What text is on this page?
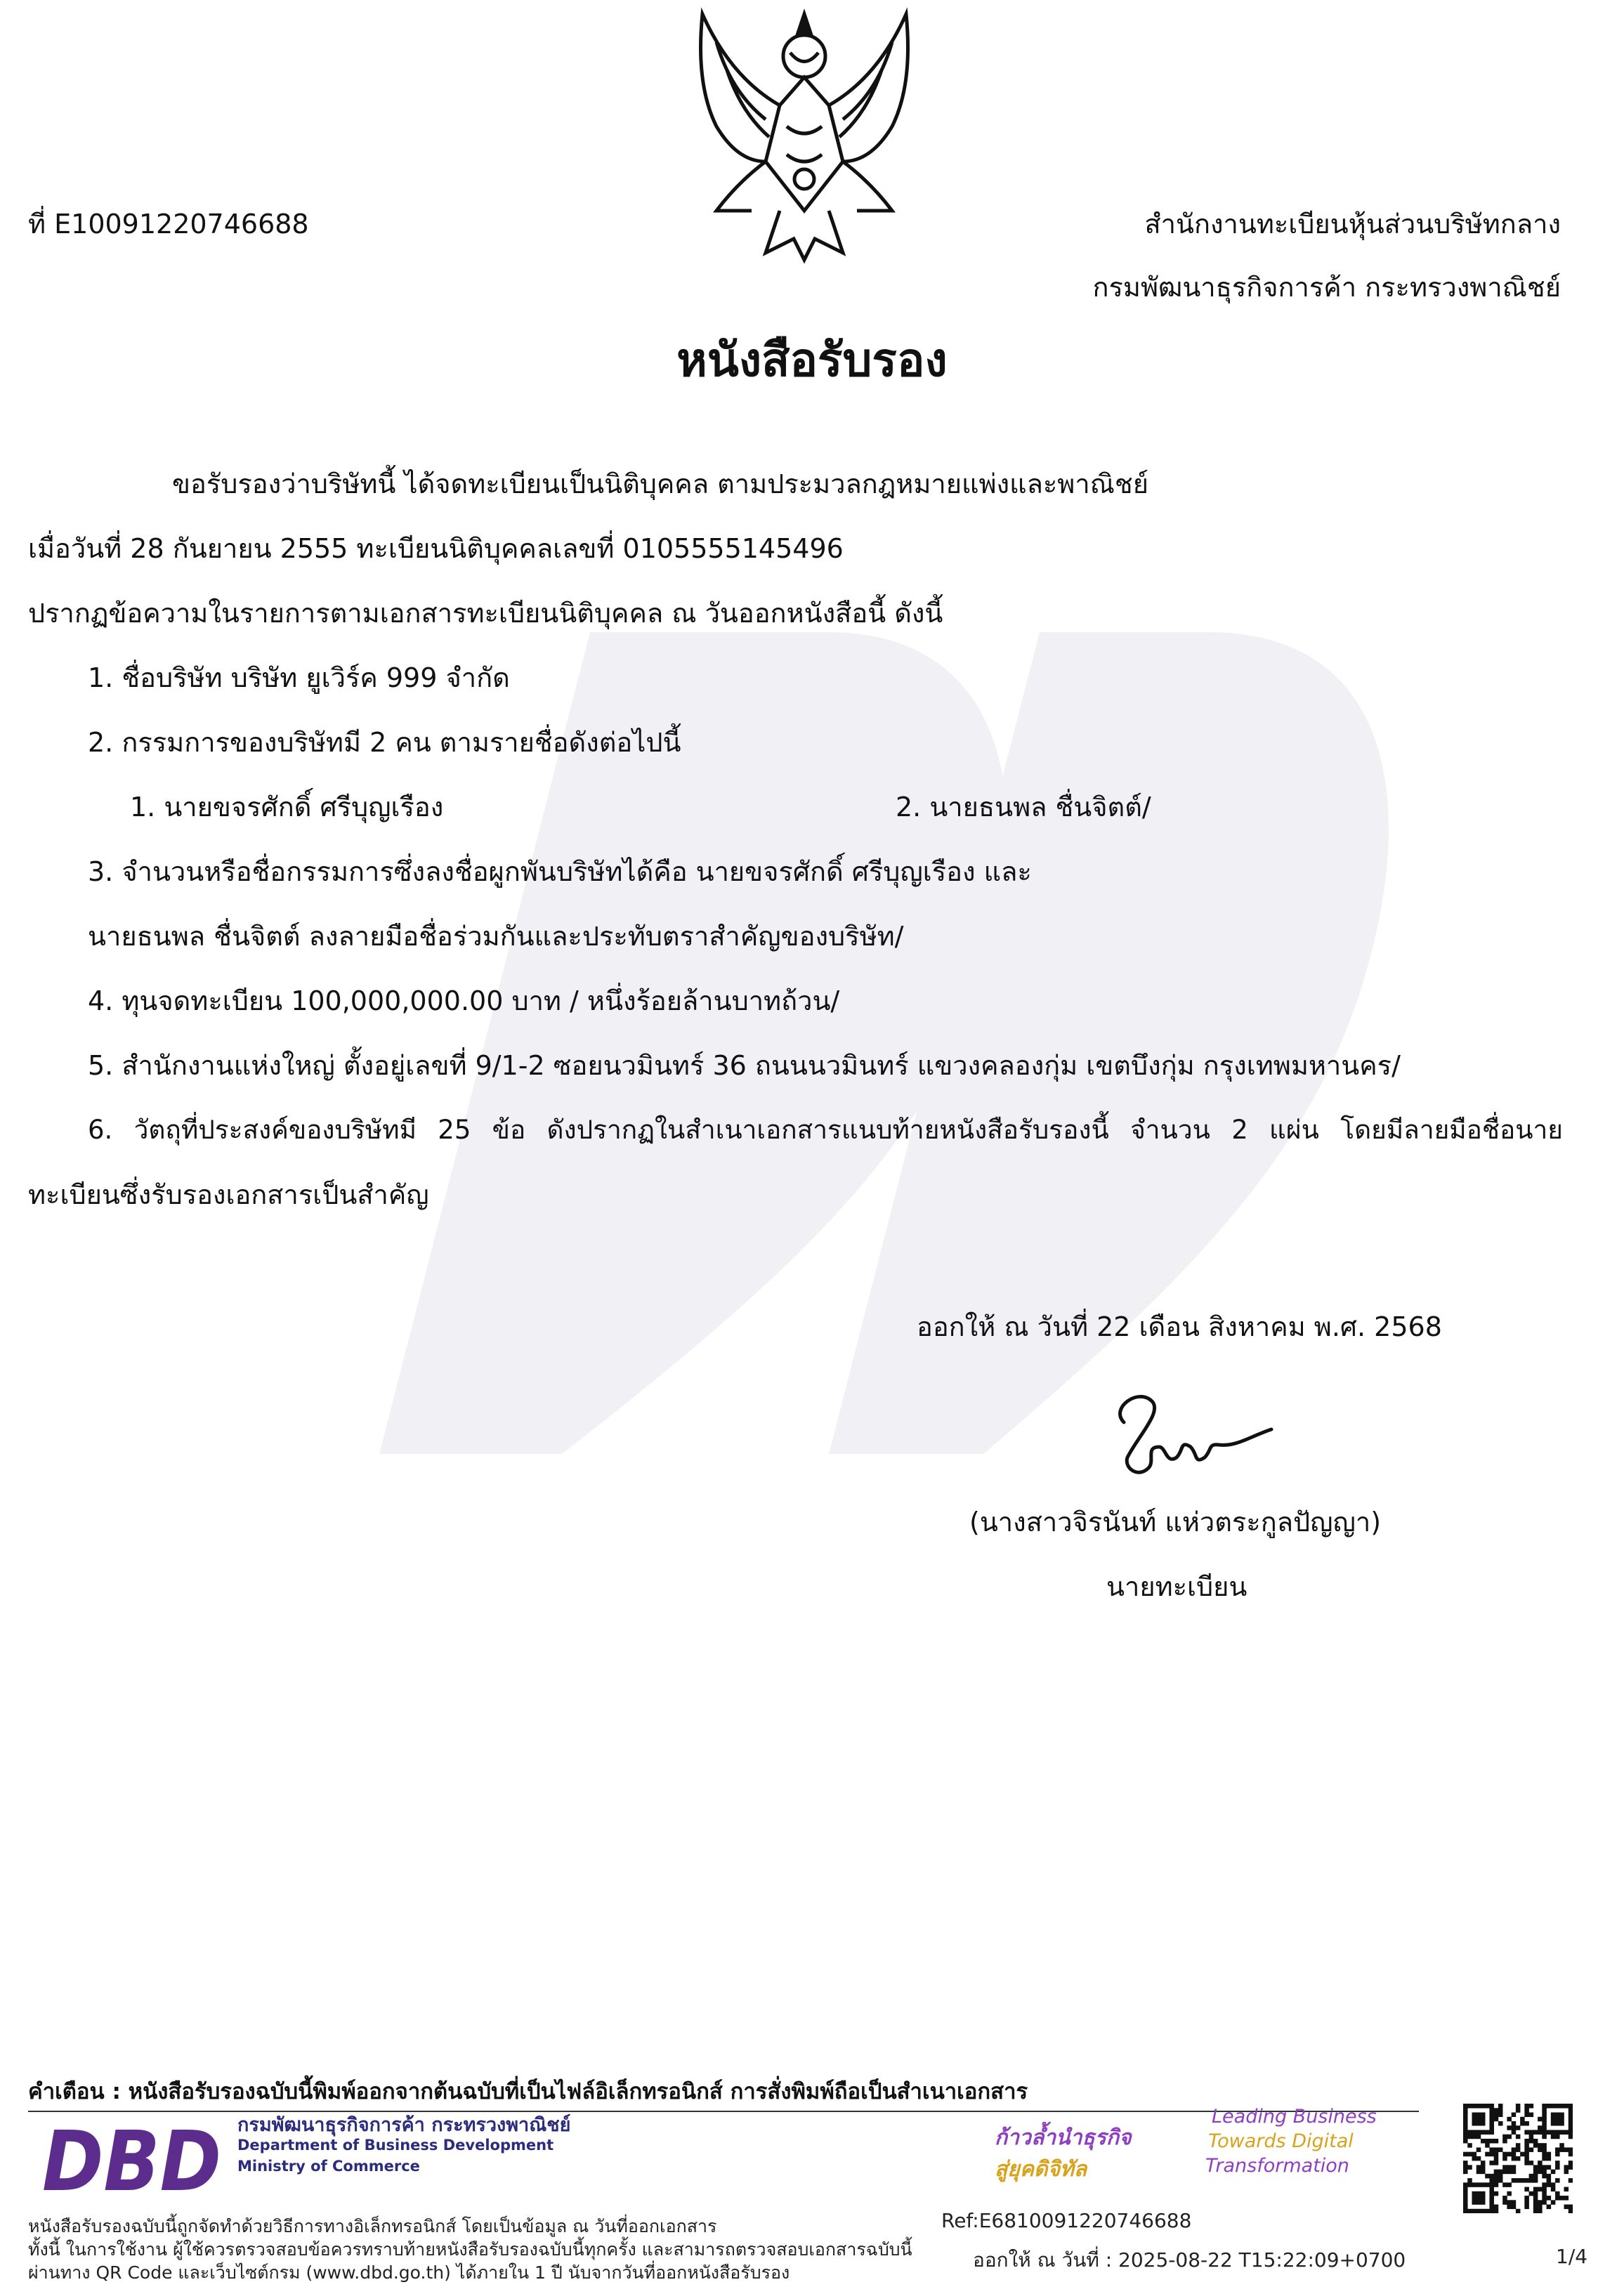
ที่ E10091220746688	สำนักงานทะเบียนหุ้นส่วนบริษัทกลาง
กรมพัฒนาธุรกิจการค้า กระทรวงพาณิชย์
หนังสือรับรอง
ขอรับรองว่าบริษัทนี้ ได้จดทะเบียนเป็นนิติบุคคล ตามประมวลกฎหมายแพ่งและพาณิชย์
เมื่อวันที่ 28 กันยายน 2555 ทะเบียนนิติบุคคลเลขที่ 0105555145496
ปรากฏข้อความในรายการตามเอกสารทะเบียนนิติบุคคล ณ วันออกหนังสือนี้ ดังนี้
1. ชื่อบริษัท บริษัท ยูเวิร์ค 999 จำกัด
2. กรรมการของบริษัทมี 2 คน ตามรายชื่อดังต่อไปนี้
1. นายขจรศักดิ์ ศรีบุญเรือง	2. นายธนพล ชื่นจิตต์/
3. จำนวนหรือชื่อกรรมการซึ่งลงชื่อผูกพันบริษัทได้คือ นายขจรศักดิ์ ศรีบุญเรือง และ
นายธนพล ชื่นจิตต์ ลงลายมือชื่อร่วมกันและประทับตราสำคัญของบริษัท/
4. ทุนจดทะเบียน 100,000,000.00 บาท / หนึ่งร้อยล้านบาทถ้วน/
5. สำนักงานแห่งใหญ่ ตั้งอยู่เลขที่ 9/1-2 ซอยนวมินทร์ 36 ถนนนวมินทร์ แขวงคลองกุ่ม เขตบึงกุ่ม กรุงเทพมหานคร/
6. วัตถุที่ประสงค์ของบริษัทมี 25 ข้อ ดังปรากฏในสำเนาเอกสารแนบท้ายหนังสือรับรองนี้ จำนวน 2 แผ่น โดยมีลายมือชื่อนาย
ทะเบียนซึ่งรับรองเอกสารเป็นสำคัญ
ออกให้ ณ วันที่ 22 เดือน สิงหาคม พ.ศ. 2568
(นางสาวจิรนันท์ แห่วตระกูลปัญญา)
นายทะเบียน
คำเตือน : หนังสือรับรองฉบับนี้พิมพ์ออกจากต้นฉบับที่เป็นไฟล์อิเล็กทรอนิกส์ การสั่งพิมพ์ถือเป็นสำเนาเอกสาร
DBD กรมพัฒนาธุรกิจการค้า กระทรวงพาณิชย์
Department of Business Development
Ministry of Commerce
ก้าวล้ำนำธุรกิจ
สู่ยุคดิจิทัล
Leading Business
Towards Digital
Transformation
หนังสือรับรองฉบับนี้ถูกจัดทำด้วยวิธีการทางอิเล็กทรอนิกส์ โดยเป็นข้อมูล ณ วันที่ออกเอกสาร
ทั้งนี้ ในการใช้งาน ผู้ใช้ควรตรวจสอบข้อควรทราบท้ายหนังสือรับรองฉบับนี้ทุกครั้ง และสามารถตรวจสอบเอกสารฉบับนี้
ผ่านทาง QR Code และเว็บไซต์กรม (www.dbd.go.th) ได้ภายใน 1 ปี นับจากวันที่ออกหนังสือรับรอง
Ref:E6810091220746688
ออกให้ ณ วันที่ : 2025-08-22 T15:22:09+0700	1/4
